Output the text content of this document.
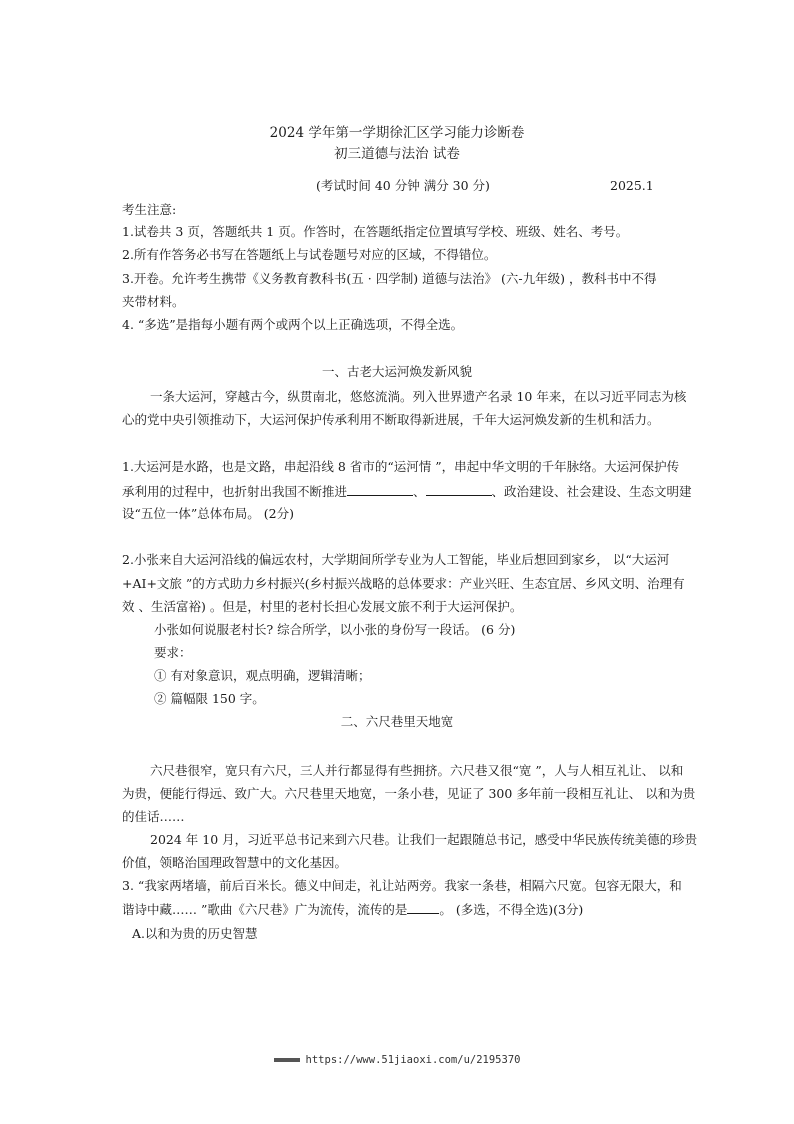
2024 学年第一学期徐汇区学习能力诊断卷
初三道德与法治 试卷
(考试时间 40 分钟 满分 30 分)	2025.1
考生注意:
1.试卷共 3 页，答题纸共 1 页。作答时，在答题纸指定位置填写学校、班级、姓名、考号。
2.所有作答务必书写在答题纸上与试卷题号对应的区域，不得错位。
3.开卷。允许考生携带《义务教育教科书(五 · 四学制) 道德与法治》 (六-九年级) ，教科书中不得
夹带材料。
4. “多选”是指每小题有两个或两个以上正确选项，不得全选。
一、古老大运河焕发新风貌
一条大运河，穿越古今，纵贯南北，悠悠流淌。列入世界遗产名录 10 年来，在以习近平同志为核
心的党中央引领推动下，大运河保护传承利用不断取得新进展，千年大运河焕发新的生机和活力。
1.大运河是水路，也是文路，串起沿线 8 省市的“运河情 ”，串起中华文明的千年脉络。大运河保护传
承利用的过程中，也折射出我国不断推进	、	、政治建设、社会建设、生态文明建
设“五位一体”总体布局。 (2分)
2.小张来自大运河沿线的偏远农村，大学期间所学专业为人工智能，毕业后想回到家乡， 以“大运河
+AI+文旅 ”的方式助力乡村振兴(乡村振兴战略的总体要求：产业兴旺、生态宜居、乡风文明、治理有
效 、生活富裕) 。但是，村里的老村长担心发展文旅不利于大运河保护。
小张如何说服老村长? 综合所学，以小张的身份写一段话。 (6 分)
要求：
① 有对象意识，观点明确，逻辑清晰；
② 篇幅限 150 字。
二、六尺巷里天地宽
六尺巷很窄，宽只有六尺，三人并行都显得有些拥挤。六尺巷又很“宽 ”，人与人相互礼让、 以和
为贵，便能行得远、致广大。六尺巷里天地宽，一条小巷，见证了 300 多年前一段相互礼让、 以和为贵
的佳话……
2024 年 10 月，习近平总书记来到六尺巷。让我们一起跟随总书记，感受中华民族传统美德的珍贵
价值，领略治国理政智慧中的文化基因。
3. “我家两堵墙，前后百米长。德义中间走，礼让站两旁。我家一条巷，相隔六尺宽。包容无限大，和
谐诗中藏…… ”歌曲《六尺巷》广为流传，流传的是	。 (多选，不得全选)(3分)
A.以和为贵的历史智慧
https://www.51jiaoxi.com/u/2195370
